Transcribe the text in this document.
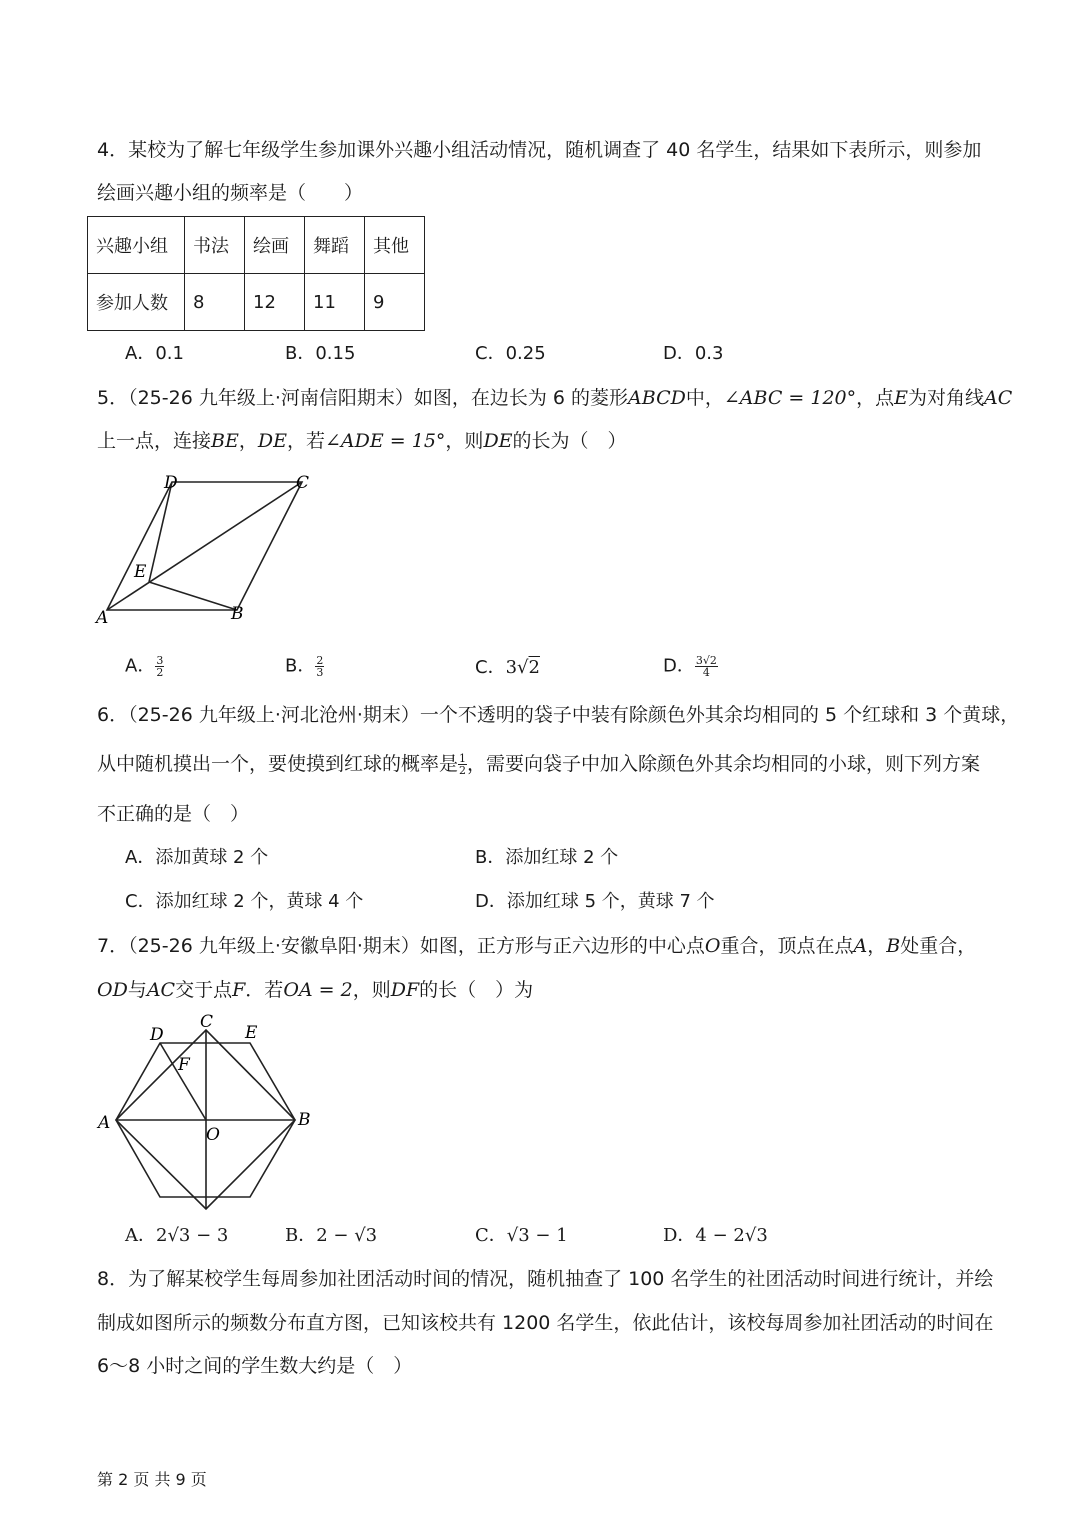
4．某校为了解七年级学生参加课外兴趣小组活动情况，随机调查了 40 名学生，结果如下表所示，则参加
绘画兴趣小组的频率是（　　）
兴趣小组	书法	绘画	舞蹈	其他
参加人数	8	12	11	9
A．0.1	B．0.15	C．0.25	D．0.3
5．（25-26 九年级上·河南信阳期末）如图，在边长为 6 的菱形ABCD中，∠ABC = 120°，点E为对角线AC
上一点，连接BE，DE，若∠ADE = 15°，则DE的长为（　）
A	B
C
D
E
A． $\frac{3}{2}$	B． $\frac{2}{3}$	C．3√2	D． $\frac{3√2}{4}$
6．（25-26 九年级上·河北沧州·期末）一个不透明的袋子中装有除颜色外其余均相同的 5 个红球和 3 个黄球，
从中随机摸出一个，要使摸到红球的概率是 $\frac{1}{2}$ ，需要向袋子中加入除颜色外其余均相同的小球，则下列方案
不正确的是（　）
A．添加黄球 2 个	B．添加红球 2 个
C．添加红球 2 个，黄球 4 个	D．添加红球 5 个，黄球 7 个
7．（25-26 九年级上·安徽阜阳·期末）如图，正方形与正六边形的中心点O重合，顶点在点A，B处重合，
OD与AC交于点F．若OA = 2，则DF的长（　）为
A	B
C
D	E
F
O
A．2√3 − 3	B．2 − √3	C．√3 − 1	D．4 − 2√3
8．为了解某校学生每周参加社团活动时间的情况，随机抽查了 100 名学生的社团活动时间进行统计，并绘
制成如图所示的频数分布直方图，已知该校共有 1200 名学生，依此估计，该校每周参加社团活动的时间在
6～8 小时之间的学生数大约是（　）
第 2 页 共 9 页
